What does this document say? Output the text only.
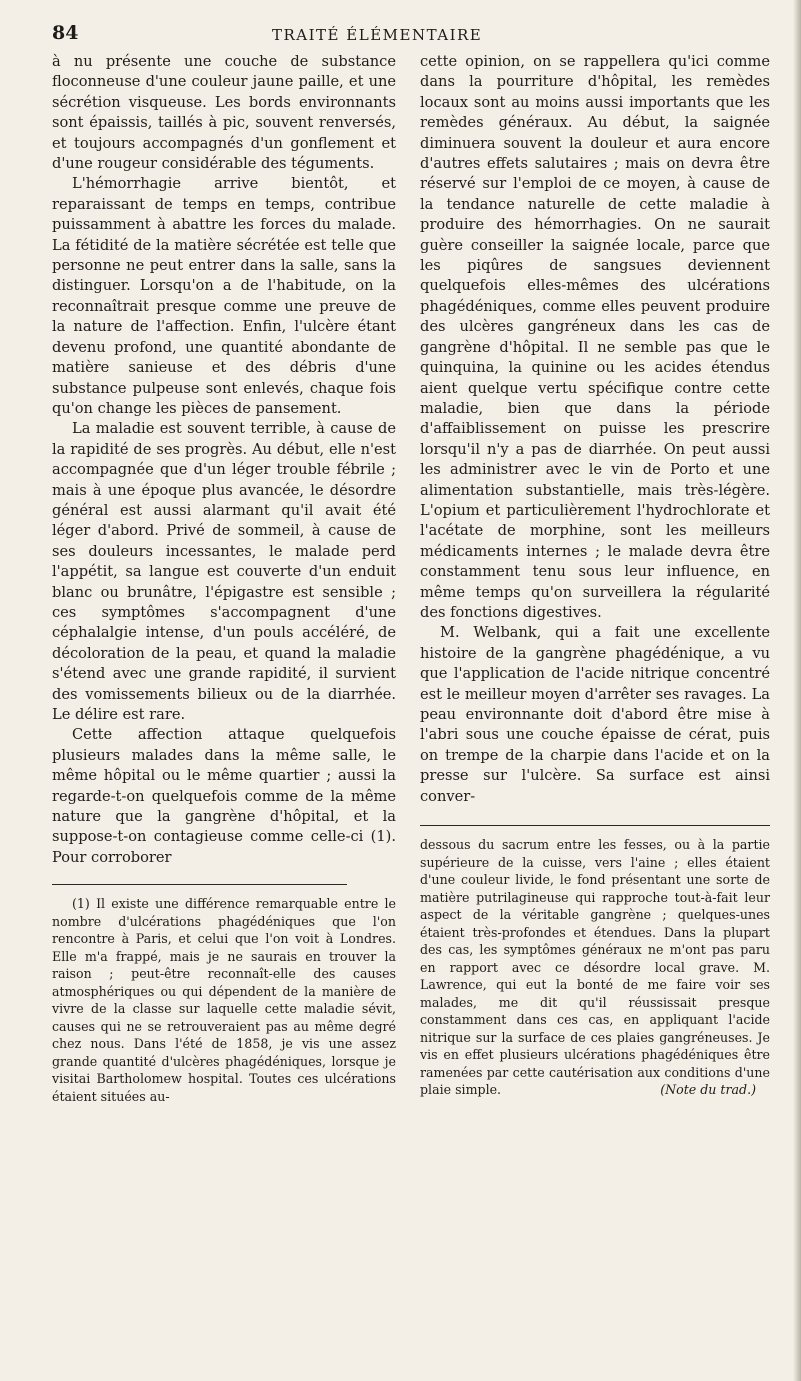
84	TRAITÉ ÉLÉMENTAIRE

à nu présente une couche de substance floconneuse d'une couleur jaune paille, et une sécrétion visqueuse. Les bords environnants sont épaissis, taillés à pic, souvent renversés, et toujours accompagnés d'un gonflement et d'une rougeur considérable des téguments.

L'hémorrhagie arrive bientôt, et reparaissant de temps en temps, contribue puissamment à abattre les forces du malade. La fétidité de la matière sécrétée est telle que personne ne peut entrer dans la salle, sans la distinguer. Lorsqu'on a de l'habitude, on la reconnaîtrait presque comme une preuve de la nature de l'affection. Enfin, l'ulcère étant devenu profond, une quantité abondante de matière sanieuse et des débris d'une substance pulpeuse sont enlevés, chaque fois qu'on change les pièces de pansement.

La maladie est souvent terrible, à cause de la rapidité de ses progrès. Au début, elle n'est accompagnée que d'un léger trouble fébrile ; mais à une époque plus avancée, le désordre général est aussi alarmant qu'il avait été léger d'abord. Privé de sommeil, à cause de ses douleurs incessantes, le malade perd l'appétit, sa langue est couverte d'un enduit blanc ou brunâtre, l'épigastre est sensible ; ces symptômes s'accompagnent d'une céphalalgie intense, d'un pouls accéléré, de décoloration de la peau, et quand la maladie s'étend avec une grande rapidité, il survient des vomissements bilieux ou de la diarrhée. Le délire est rare.

Cette affection attaque quelquefois plusieurs malades dans la même salle, le même hôpital ou le même quartier ; aussi la regarde-t-on quelquefois comme de la même nature que la gangrène d'hôpital, et la suppose-t-on contagieuse comme celle-ci (1). Pour corroborer

(1) Il existe une différence remarquable entre le nombre d'ulcérations phagédéniques que l'on rencontre à Paris, et celui que l'on voit à Londres. Elle m'a frappé, mais je ne saurais en trouver la raison ; peut-être reconnaît-elle des causes atmosphériques ou qui dépendent de la manière de vivre de la classe sur laquelle cette maladie sévit, causes qui ne se retrouveraient pas au même degré chez nous. Dans l'été de 1858, je vis une assez grande quantité d'ulcères phagédéniques, lorsque je visitai Bartholomew hospital. Toutes ces ulcérations étaient situées au-

cette opinion, on se rappellera qu'ici comme dans la pourriture d'hôpital, les remèdes locaux sont au moins aussi importants que les remèdes généraux. Au début, la saignée diminuera souvent la douleur et aura encore d'autres effets salutaires ; mais on devra être réservé sur l'emploi de ce moyen, à cause de la tendance naturelle de cette maladie à produire des hémorrhagies. On ne saurait guère conseiller la saignée locale, parce que les piqûres de sangsues deviennent quelquefois elles-mêmes des ulcérations phagédéniques, comme elles peuvent produire des ulcères gangréneux dans les cas de gangrène d'hôpital. Il ne semble pas que le quinquina, la quinine ou les acides étendus aient quelque vertu spécifique contre cette maladie, bien que dans la période d'affaiblissement on puisse les prescrire lorsqu'il n'y a pas de diarrhée. On peut aussi les administrer avec le vin de Porto et une alimentation substantielle, mais très-légère. L'opium et particulièrement l'hydrochlorate et l'acétate de morphine, sont les meilleurs médicaments internes ; le malade devra être constamment tenu sous leur influence, en même temps qu'on surveillera la régularité des fonctions digestives.

M. Welbank, qui a fait une excellente histoire de la gangrène phagédénique, a vu que l'application de l'acide nitrique concentré est le meilleur moyen d'arrêter ses ravages. La peau environnante doit d'abord être mise à l'abri sous une couche épaisse de cérat, puis on trempe de la charpie dans l'acide et on la presse sur l'ulcère. Sa surface est ainsi conver-

dessous du sacrum entre les fesses, ou à la partie supérieure de la cuisse, vers l'aine ; elles étaient d'une couleur livide, le fond présentant une sorte de matière putrilagineuse qui rapproche tout-à-fait leur aspect de la véritable gangrène ; quelques-unes étaient très-profondes et étendues. Dans la plupart des cas, les symptômes généraux ne m'ont pas paru en rapport avec ce désordre local grave. M. Lawrence, qui eut la bonté de me faire voir ses malades, me dit qu'il réussissait presque constamment dans ces cas, en appliquant l'acide nitrique sur la surface de ces plaies gangréneuses. Je vis en effet plusieurs ulcérations phagédéniques être ramenées par cette cautérisation aux conditions d'une plaie simple.	(Note du trad.)
